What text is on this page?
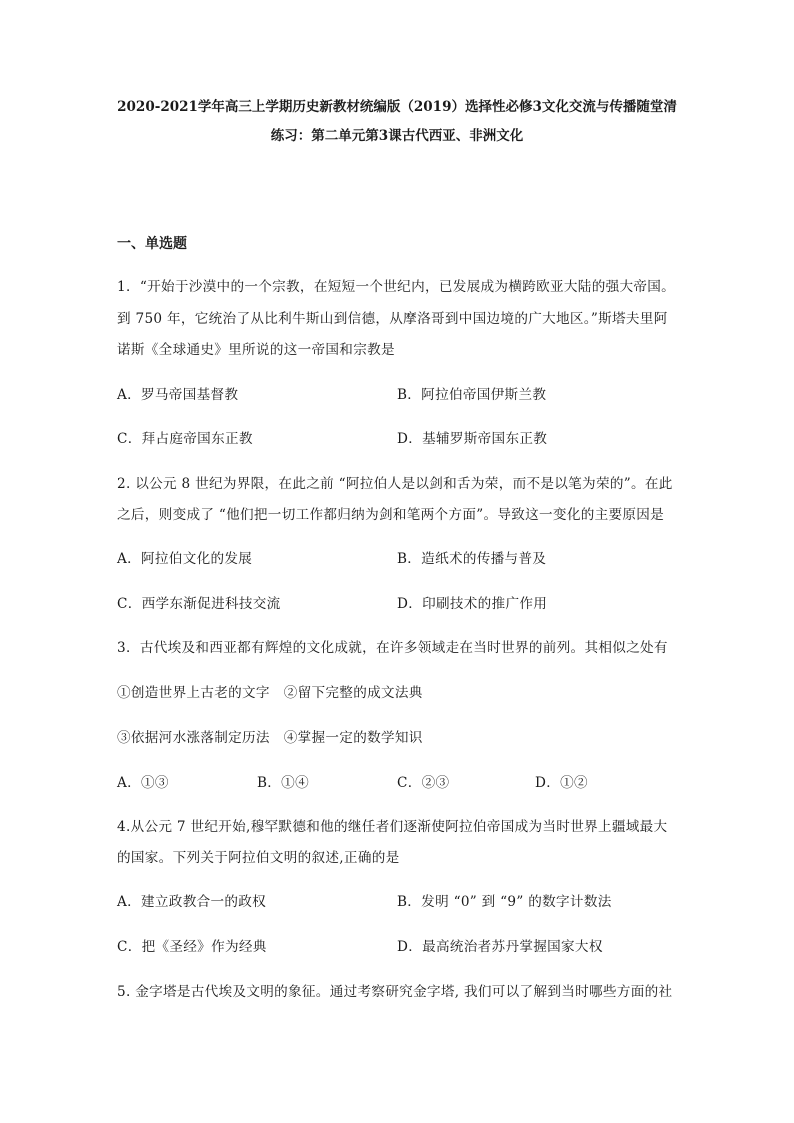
2020-2021学年高三上学期历史新教材统编版（2019）选择性必修3文化交流与传播随堂清
练习：第二单元第3课古代西亚、非洲文化
一、单选题
1．“开始于沙漠中的一个宗教，在短短一个世纪内，已发展成为横跨欧亚大陆的强大帝国。
到 750 年，它统治了从比利牛斯山到信德，从摩洛哥到中国边境的广大地区。”斯塔夫里阿
诺斯《全球通史》里所说的这一帝国和宗教是
A．罗马帝国基督教	B．阿拉伯帝国伊斯兰教
C．拜占庭帝国东正教	D．基辅罗斯帝国东正教
2. 以公元 8 世纪为界限，在此之前 “阿拉伯人是以剑和舌为荣，而不是以笔为荣的”。在此
之后，则变成了 “他们把一切工作都归纳为剑和笔两个方面”。导致这一变化的主要原因是
A．阿拉伯文化的发展	B．造纸术的传播与普及
C．西学东渐促进科技交流	D．印刷技术的推广作用
3．古代埃及和西亚都有辉煌的文化成就，在许多领域走在当时世界的前列。其相似之处有
①创造世界上古老的文字　②留下完整的成文法典
③依据河水涨落制定历法　④掌握一定的数学知识
A．①③	B．①④	C．②③	D．①②
4.从公元 7 世纪开始,穆罕默德和他的继任者们逐渐使阿拉伯帝国成为当时世界上疆域最大
的国家。下列关于阿拉伯文明的叙述,正确的是
A．建立政教合一的政权	B．发明 “0” 到 “9” 的数字计数法
C．把《圣经》作为经典	D．最高统治者苏丹掌握国家大权
5. 金字塔是古代埃及文明的象征。通过考察研究金字塔, 我们可以了解到当时哪些方面的社
